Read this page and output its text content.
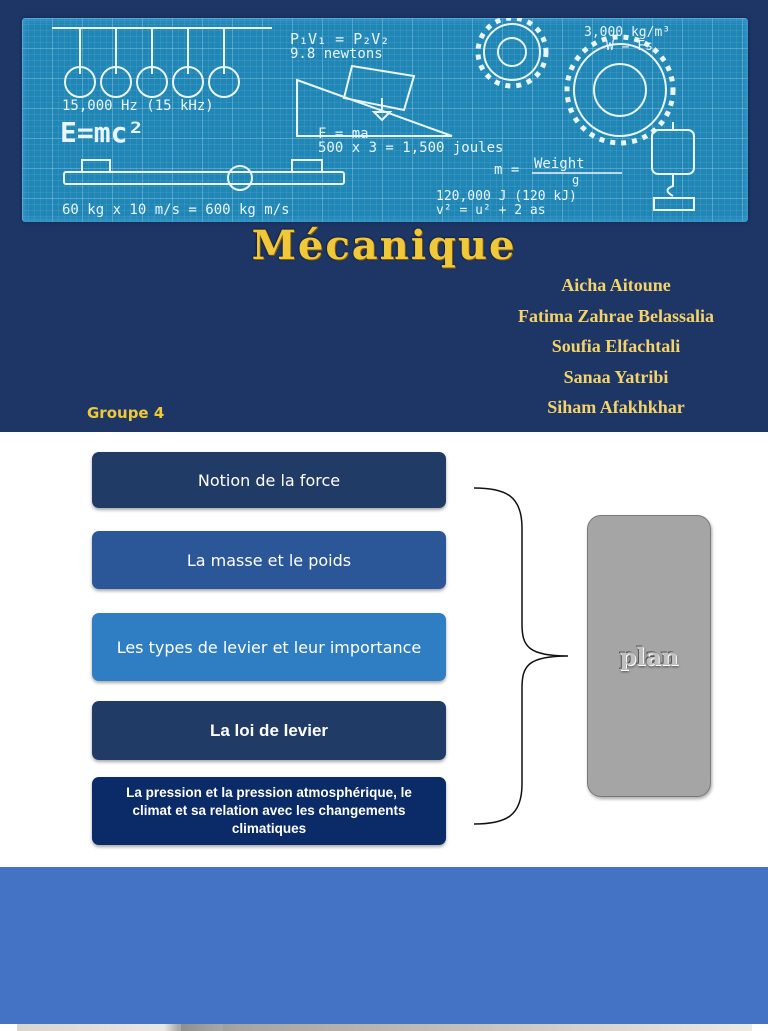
P₁V₁ = P₂V₂
9.8 newtons
3,000 kg/m³
W = Fs
15,000 Hz (15 kHz)
E=mc²	F = ma
500 x 3 = 1,500 joules
m = Weight
g
120,000 J (120 kJ)
v² = u² + 2 as
60 kg x 10 m/s = 600 kg m/s
Mécanique
Aicha Aitoune
Fatima Zahrae Belassalia
Soufia Elfachtali
Sanaa Yatribi
Siham Afakhkhar
Groupe 4
Notion de la force
La masse et le poids
Les types de levier et leur importance
La loi de levier
La pression et la pression atmosphérique, le climat et sa relation avec les changements climatiques
plan
